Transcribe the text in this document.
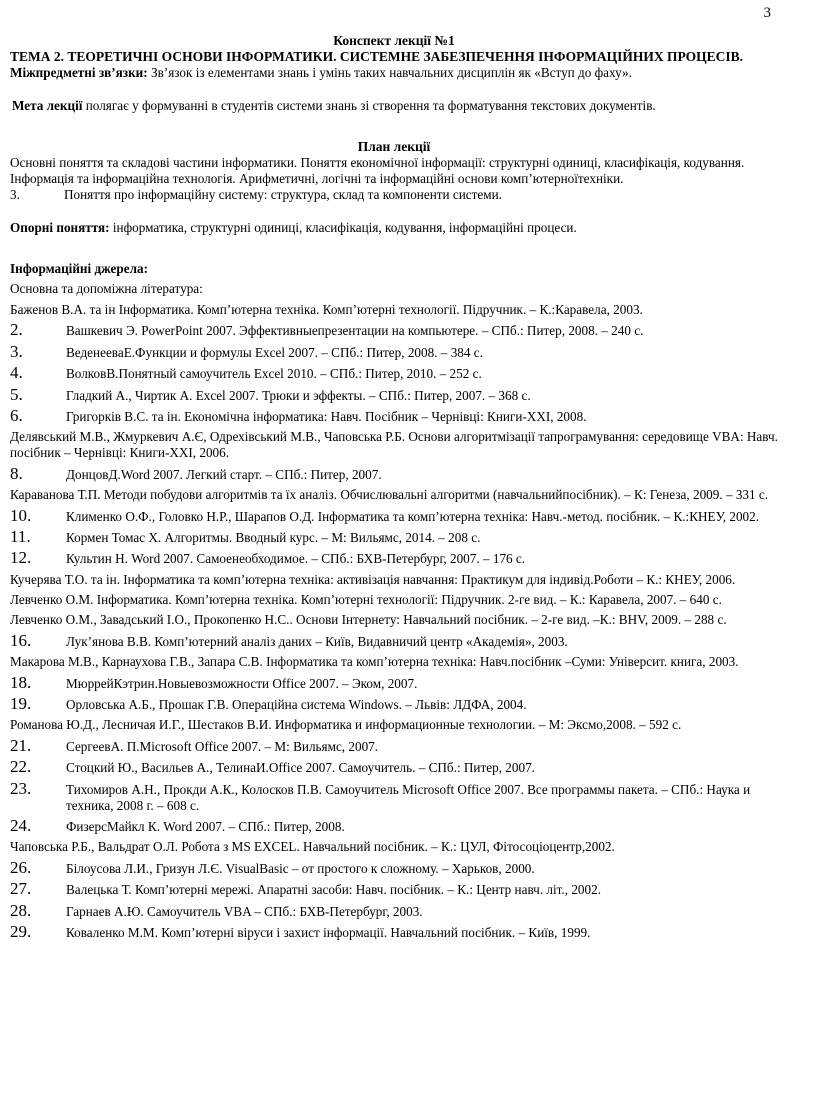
3

Конспект лекції №1

ТЕМА 2. ТЕОРЕТИЧНІ ОСНОВИ ІНФОРМАТИКИ. СИСТЕМНЕ ЗАБЕЗПЕЧЕННЯ ІНФОРМАЦІЙНИХ ПРОЦЕСІВ.

Міжпредметні зв’язки: Зв’язок із елементами знань і умінь таких навчальних дисциплін як «Вступ до фаху».

Мета лекції полягає у формуванні в студентів системи знань зі створення та форматування текстових документів.

План лекції

Основні поняття та складові частини інформатики. Поняття економічної інформації: структурні одиниці, класифікація, кодування.

Інформація та інформаційна технологія. Арифметичні, логічні та інформаційні основи комп’ютерноїтехніки.

3.	Поняття про інформаційну систему: структура, склад та компоненти системи.

Опорні поняття: інформатика, структурні одиниці, класифікація, кодування, інформаційні процеси.

Інформаційні джерела:

Основна та допоміжна література:

Баженов В.А. та ін Інформатика. Комп’ютерна техніка. Комп’ютерні технології. Підручник. – К.:Каравела, 2003.

2.	Вашкевич Э. PowerPoint 2007. Эффективныепрезентации на компьютере. – СПб.: Питер, 2008. – 240 с.
3.	ВеденееваЕ.Функции и формулы Excel 2007. – СПб.: Питер, 2008. – 384 с.
4.	ВолковВ.Понятный самоучитель Excel 2010. – СПб.: Питер, 2010. – 252 с.
5.	Гладкий А., Чиртик А. Excel 2007. Трюки и эффекты. – СПб.: Питер, 2007. – 368 с.
6.	Григорків В.С. та ін. Економічна інформатика: Навч. Посібник – Чернівці: Книги-ХХІ, 2008.

Делявський М.В., Жмуркевич А.Є, Одрехівський М.В., Чаповська Р.Б. Основи алгоритмізації тапрограмування: середовище VBA: Навч. посібник – Чернівці: Книги-ХХІ, 2006.

8.	ДонцовД.Word 2007. Легкий старт. – СПб.: Питер, 2007.

Караванова Т.П. Методи побудови алгоритмів та їх аналіз. Обчислювальні алгоритми (навчальнийпосібник). – К: Генеза, 2009. – 331 с.

10.	Клименко О.Ф., Головко Н.Р., Шарапов О.Д. Інформатика та комп’ютерна техніка: Навч.-метод. посібник. – К.:КНЕУ, 2002.
11.	Кормен Томас Х. Алгоритмы. Вводный курс. – М: Вильямс, 2014. – 208 с.
12.	Культин Н. Word 2007. Самоенеобходимое. – СПб.: БХВ-Петербург, 2007. – 176 с.

Кучерява Т.О. та ін. Інформатика та комп’ютерна техніка: активізація навчання: Практикум для індивід.Роботи – К.: КНЕУ, 2006.

Левченко О.М. Інформатика. Комп’ютерна техніка. Комп’ютерні технології: Підручник. 2-ге вид. – К.: Каравела, 2007. – 640 с.

Левченко О.М., Завадський І.О., Прокопенко Н.С.. Основи Інтернету: Навчальний посібник. – 2-ге вид. –К.: BHV, 2009. – 288 с.

16.	Лук’янова В.В. Комп’ютерний аналіз даних – Київ, Видавничий центр «Академія», 2003.

Макарова М.В., Карнаухова Г.В., Запара С.В. Інформатика та комп’ютерна техніка: Навч.посібник –Суми: Університ. книга, 2003.

18.	МюррейКэтрин.Новыевозможности Office 2007. – Эком, 2007.
19.	Орловська А.Б., Прошак Г.В. Операційна система Windows. – Львів: ЛДФА, 2004.

Романова Ю.Д., Лесничая И.Г., Шестаков В.И. Информатика и информационные технологии. – М: Эксмо,2008. – 592 с.

21.	СергеевА. П.Microsoft Office 2007. – М: Вильямс, 2007.
22.	Стоцкий Ю., Васильев А., ТелинаИ.Office 2007. Самоучитель. – СПб.: Питер, 2007.
23.	Тихомиров А.Н., Прокди А.К., Колосков П.В. Самоучитель Microsoft Office 2007. Все программы пакета. – СПб.: Наука и техника, 2008 г. – 608 с.
24.	ФизерсМайкл К. Word 2007. – СПб.: Питер, 2008.

Чаповська Р.Б., Вальдрат О.Л. Робота з MS EXCEL. Навчальний посібник. – К.: ЦУЛ, Фітосоціоцентр,2002.

26.	Білоусова Л.И., Гризун Л.Є. VisualBasic – от простого к сложному. – Харьков, 2000.
27.	Валецька Т. Комп’ютерні мережі. Апаратні засоби: Навч. посібник. – К.: Центр навч. літ., 2002.
28.	Гарнаев А.Ю. Самоучитель VBA – СПб.: БХВ-Петербург, 2003.
29.	Коваленко М.М. Комп’ютерні віруси і захист інформації. Навчальний посібник. – Київ, 1999.
